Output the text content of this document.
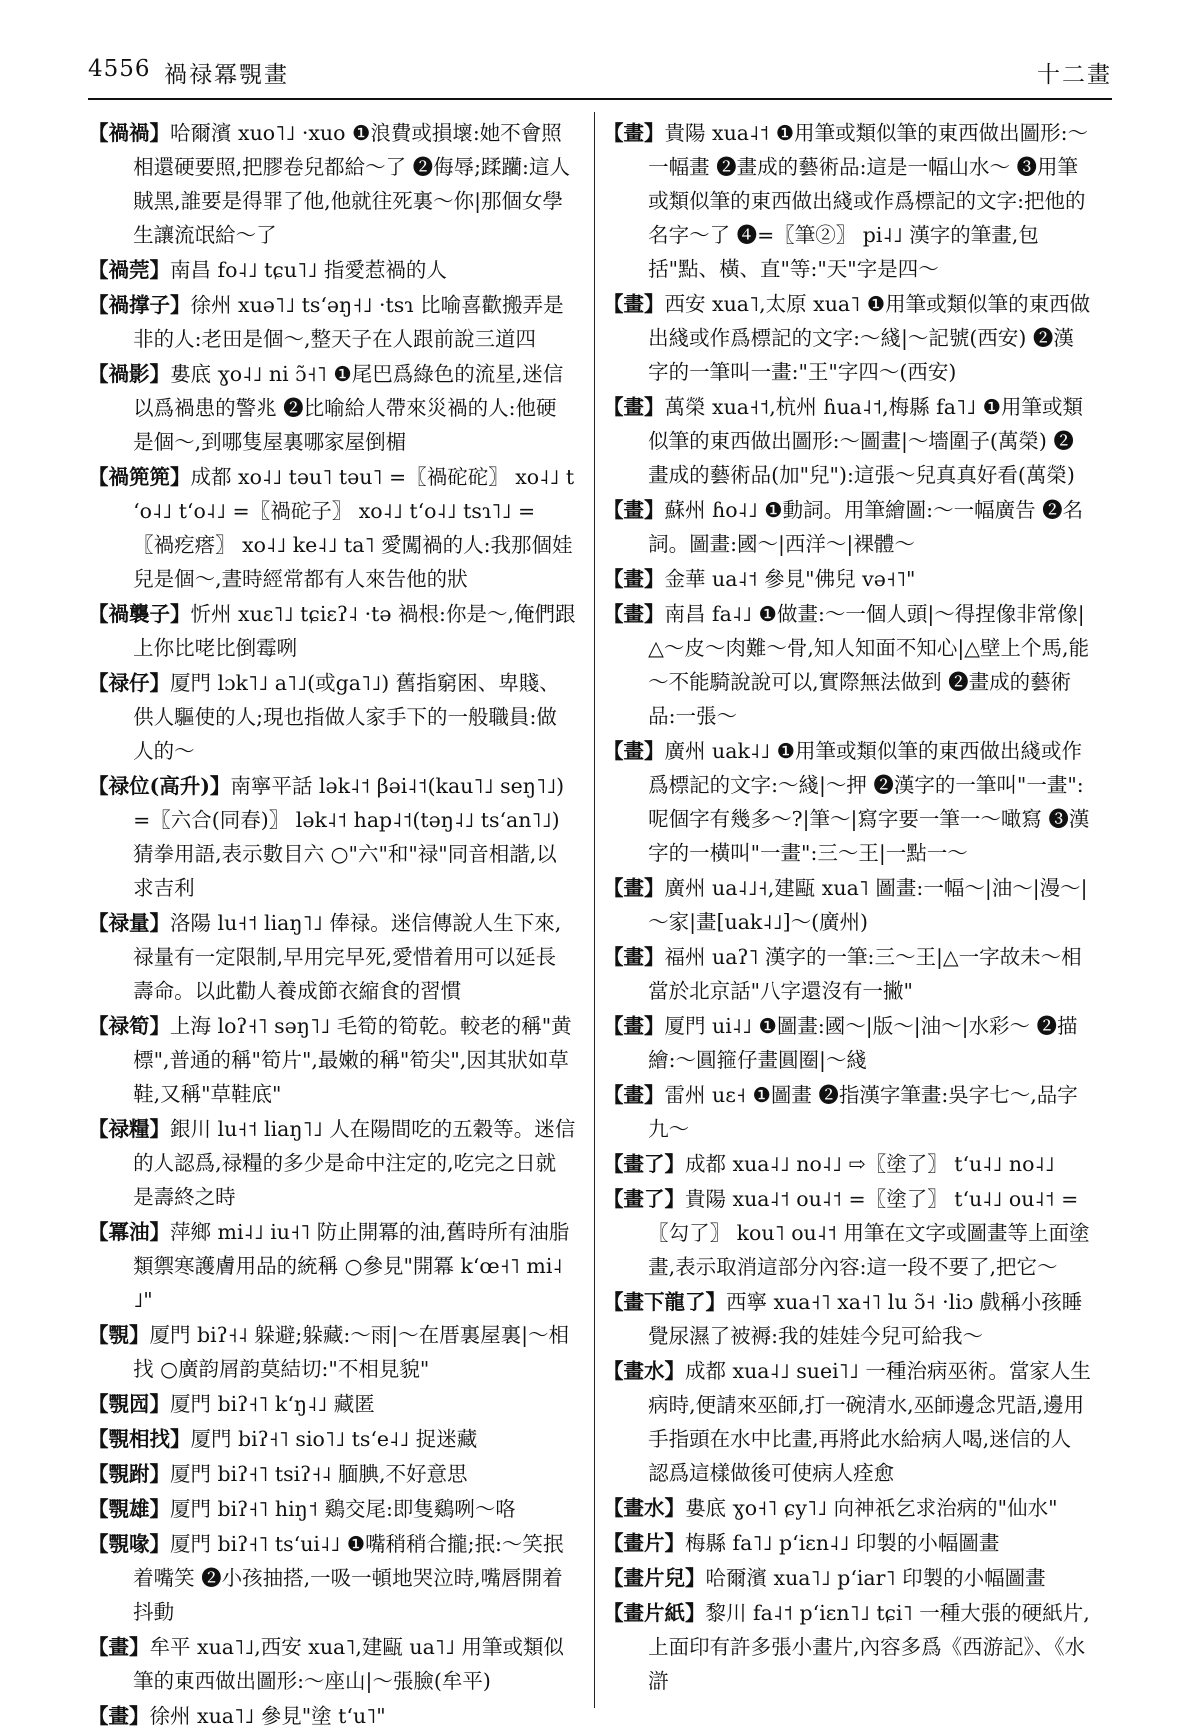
4556 禍禄冪覨畫	十二畫

【禍禍】哈爾濱 xuo˥˩ ·xuo ❶浪費或損壞:她不會照相還硬要照,把膠卷兒都給～了 ❷侮辱;蹂躪:這人賊黑,誰要是得罪了他,他就往死裏～你|那個女學生讓流氓給～了

【禍莞】南昌 fo˨˩ tɕu˥˩ 指愛惹禍的人

【禍撑子】徐州 xuə˥˩ tsʻəŋ˧˩ ·tsɿ 比喻喜歡搬弄是非的人:老田是個～,整天子在人跟前說三道四

【禍影】婁底 ɣo˨˩ ni ɔ̃˧˥ ❶尾巴爲綠色的流星,迷信以爲禍患的警兆 ❷比喻給人帶來災禍的人:他硬是個～,到哪隻屋裏哪家屋倒楣

【禍篼篼】成都 xo˨˩ təu˥ təu˥ =〖禍砣砣〗 xo˨˩ tʻo˨˩ tʻo˨˩ =〖禍砣子〗 xo˨˩ tʻo˨˩ tsɿ˥˩ =〖禍疙瘩〗 xo˨˩ ke˨˩ ta˥ 愛闖禍的人:我那個娃兒是個～,晝時經常都有人來告他的狀

【禍襲子】忻州 xuɛ˥˩ tɕiɛʔ˨ ·tə 禍根:你是～,俺們跟上你比咾比倒霉咧

【禄仔】厦門 lɔk˥˩ a˥˩(或ga˥˩) 舊指窮困、卑賤、供人驅使的人;現也指做人家手下的一般職員:做人的～

【禄位(高升)】南寧平話 lək˨˦ βəi˨˦(kau˥˩ seŋ˥˩) =〖六合(同春)〗 lək˨˦ hap˨˦(təŋ˨˩ tsʻan˥˩) 猜拳用語,表示數目六 ○"六"和"禄"同音相諧,以求吉利

【禄量】洛陽 lu˧˦ liaŋ˥˩ 俸禄。迷信傳說人生下來,禄量有一定限制,早用完早死,愛惜着用可以延長壽命。以此勸人養成節衣縮食的習慣

【禄筍】上海 loʔ˧˥ səŋ˥˩ 毛筍的筍乾。較老的稱"黄標",普通的稱"筍片",最嫩的稱"筍尖",因其狀如草鞋,又稱"草鞋底"

【禄糧】銀川 lu˧˦ liaŋ˥˩ 人在陽間吃的五穀等。迷信的人認爲,禄糧的多少是命中注定的,吃完之日就是壽終之時

【冪油】萍鄉 mi˨˩ iu˧˥ 防止開冪的油,舊時所有油脂類禦寒護膚用品的統稱 ○參見"開冪 kʻœ˧˥ mi˨˩"

【覨】厦門 biʔ˧˨ 躲避;躲藏:～雨|～在厝裏屋裏|～相找 ○廣韵屑韵莫結切:"不相見貌"

【覨囥】厦門 biʔ˧˥ kʻŋ˨˩ 藏匿

【覨相找】厦門 biʔ˧˥ sio˥˩ tsʻe˨˩ 捉迷藏

【覨跗】厦門 biʔ˧˥ tsiʔ˧˨ 腼腆,不好意思

【覨雄】厦門 biʔ˧˥ hiŋ˦ 鷄交尾:即隻鷄咧～咯

【覨喙】厦門 biʔ˧˥ tsʻui˨˩ ❶嘴稍稍合攏;抿:～笑抿着嘴笑 ❷小孩抽搭,一吸一頓地哭泣時,嘴唇開着抖動

【畫】牟平 xua˥˩,西安 xua˥,建甌 ua˥˩ 用筆或類似筆的東西做出圖形:～座山|～張臉(牟平)

【畫】徐州 xua˥˩ 參見"塗 tʻu˥"

【畫】貴陽 xua˨˦ ❶用筆或類似筆的東西做出圖形:～一幅畫 ❷畫成的藝術品:這是一幅山水～ ❸用筆或類似筆的東西做出綫或作爲標記的文字:把他的名字～了 ❹=〖筆②〗 pi˨˩ 漢字的筆畫,包括"點、橫、直"等:"天"字是四～

【畫】西安 xua˥,太原 xua˥ ❶用筆或類似筆的東西做出綫或作爲標記的文字:～綫|～記號(西安) ❷漢字的一筆叫一畫:"王"字四～(西安)

【畫】萬榮 xua˧˦,杭州 ɦua˨˦,梅縣 fa˥˩ ❶用筆或類似筆的東西做出圖形:～圖畫|～墻圍子(萬榮) ❷畫成的藝術品(加"兒"):這張～兒真真好看(萬榮)

【畫】蘇州 ɦo˨˩ ❶動詞。用筆繪圖:～一幅廣告 ❷名詞。圖畫:國～|西洋～|裸體～

【畫】金華 ua˨˦ 參見"佛兒 və˧˥"

【畫】南昌 fa˨˩ ❶做畫:～一個人頭|～得捏像非常像|△～皮～肉難～骨,知人知面不知心|△壁上个馬,能～不能騎說說可以,實際無法做到 ❷畫成的藝術品:一張～

【畫】廣州 uak˨˩ ❶用筆或類似筆的東西做出綫或作爲標記的文字:～綫|～押 ❷漢字的一筆叫"一畫":呢個字有幾多～?|筆～|寫字要一筆一～噉寫 ❸漢字的一橫叫"一畫":三～王|一點一～

【畫】廣州 ua˨˩˧,建甌 xua˥ 圖畫:一幅～|油～|漫～|～家|畫[uak˨˩]～(廣州)

【畫】福州 uaʔ˥ 漢字的一筆:三～王|△一字故未～相當於北京話"八字還沒有一撇"

【畫】厦門 ui˨˩ ❶圖畫:國～|版～|油～|水彩～ ❷描繪:～圓箍仔畫圓圈|～綫

【畫】雷州 uɛ˧ ❶圖畫 ❷指漢字筆畫:吳字七～,品字九～

【畫了】成都 xua˨˩ no˨˩ ⇨〖塗了〗 tʻu˨˩ no˨˩

【畫了】貴陽 xua˨˦ ou˨˦ =〖塗了〗 tʻu˨˩ ou˨˦ =〖勾了〗 kou˥ ou˨˦ 用筆在文字或圖畫等上面塗畫,表示取消這部分內容:這一段不要了,把它～

【畫下龍了】西寧 xua˧˥ xa˧˥ lu ɔ̃˧ ·liɔ 戲稱小孩睡覺尿濕了被褥:我的娃娃今兒可給我～

【畫水】成都 xua˨˩ suei˥˩ 一種治病巫術。當家人生病時,便請來巫師,打一碗清水,巫師邊念咒語,邊用手指頭在水中比畫,再將此水給病人喝,迷信的人認爲這樣做後可使病人痊愈

【畫水】婁底 ɣo˧˥ ɕy˥˩ 向神祇乞求治病的"仙水"

【畫片】梅縣 fa˥˩ pʻiɛn˨˩ 印製的小幅圖畫

【畫片兒】哈爾濱 xua˥˩ pʻiar˥ 印製的小幅圖畫

【畫片紙】黎川 fa˨˦ pʻiɛn˥˩ tɕi˥ 一種大張的硬紙片,上面印有許多張小畫片,內容多爲《西游記》、《水滸
